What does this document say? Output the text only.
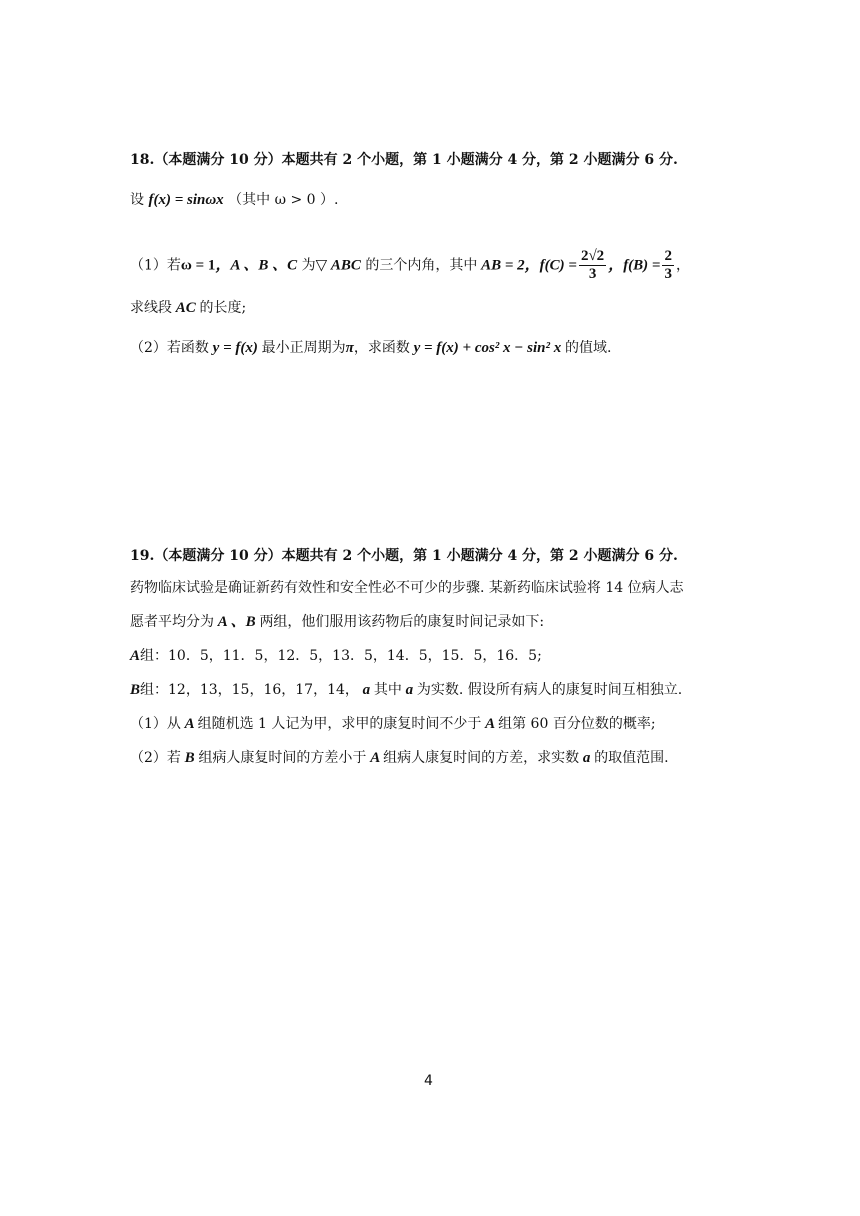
18.（本题满分 10 分）本题共有 2 个小题，第 1 小题满分 4 分，第 2 小题满分 6 分.
设 f(x) = sinωx （其中 ω > 0 ）.
（1）若ω = 1，A 、B 、C 为▽ ABC 的三个内角，其中 AB = 2，$f(C) = \frac{2√2}{3}$ ，$f(B) = \frac{2}{3}$ ，
求线段 AC 的长度;
（2）若函数 y = f(x) 最小正周期为π，求函数 y = f(x) + cos² x − sin² x 的值域.
19.（本题满分 10 分）本题共有 2 个小题，第 1 小题满分 4 分，第 2 小题满分 6 分.
药物临床试验是确证新药有效性和安全性必不可少的步骤. 某新药临床试验将 14 位病人志
愿者平均分为 A 、B 两组，他们服用该药物后的康复时间记录如下:
A组：10．5，11．5，12．5，13．5，14．5，15．5，16．5;
B组：12，13，15，16，17，14， a 其中 a 为实数. 假设所有病人的康复时间互相独立.
（1）从 A 组随机选 1 人记为甲，求甲的康复时间不少于 A 组第 60 百分位数的概率;
（2）若 B 组病人康复时间的方差小于 A 组病人康复时间的方差，求实数 a 的取值范围.
4
